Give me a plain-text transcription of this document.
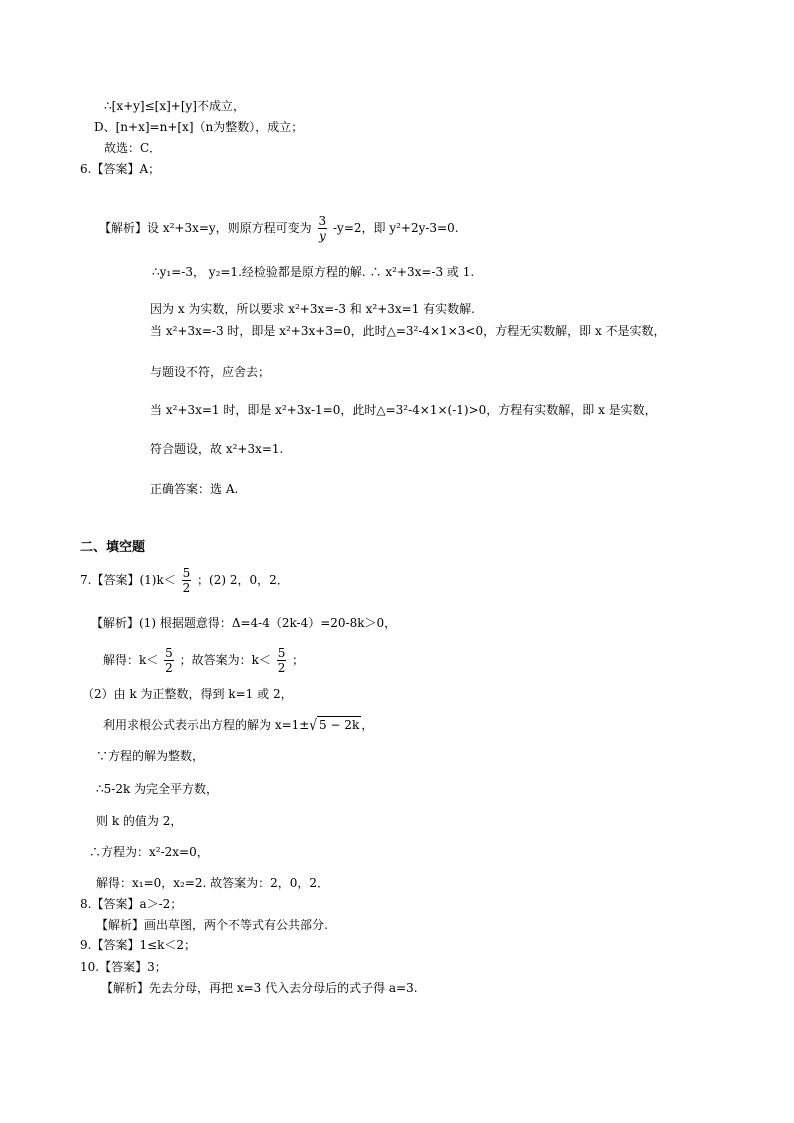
∴[x+y]≤[x]+[y]不成立，
D、[n+x]=n+[x]（n为整数），成立；
故选：C．
6.【答案】A；
【解析】设 x²+3x=y，则原方程可变为 $\frac{3}{y} -y=2$，即 y²+2y-3=0.
∴y₁=-3， y₂=1.经检验都是原方程的解. ∴ x²+3x=-3 或 1.
因为 x 为实数，所以要求 x²+3x=-3 和 x²+3x=1 有实数解.
当 x²+3x=-3 时，即是 x²+3x+3=0，此时△=3²-4×1×3<0，方程无实数解，即 x 不是实数，
与题设不符，应舍去；
当 x²+3x=1 时，即是 x²+3x-1=0，此时△=3²-4×1×(-1)>0，方程有实数解，即 x 是实数，
符合题设，故 x²+3x=1.
正确答案：选 A.
二、填空题
7.【答案】$(1)k< \frac{5}{2}$ ；(2) 2，0，2．
【解析】(1) 根据题意得：Δ=4-4（2k-4）=20-8k＞0，
解得：$k< \frac{5}{2}$ ；故答案为：$k< \frac{5}{2}$ ；
（2）由 k 为正整数，得到 k=1 或 2，
利用求根公式表示出方程的解为 x=1±√ 5 − 2k ，
∵方程的解为整数，
∴5-2k 为完全平方数，
则 k 的值为 2，
∴方程为：x²-2x=0，
解得：x₁=0，x₂=2. 故答案为：2，0，2．
8.【答案】a＞-2；
【解析】画出草图，两个不等式有公共部分.
9.【答案】1≤k＜2；
10.【答案】3；
【解析】先去分母，再把 x=3 代入去分母后的式子得 a=3.
